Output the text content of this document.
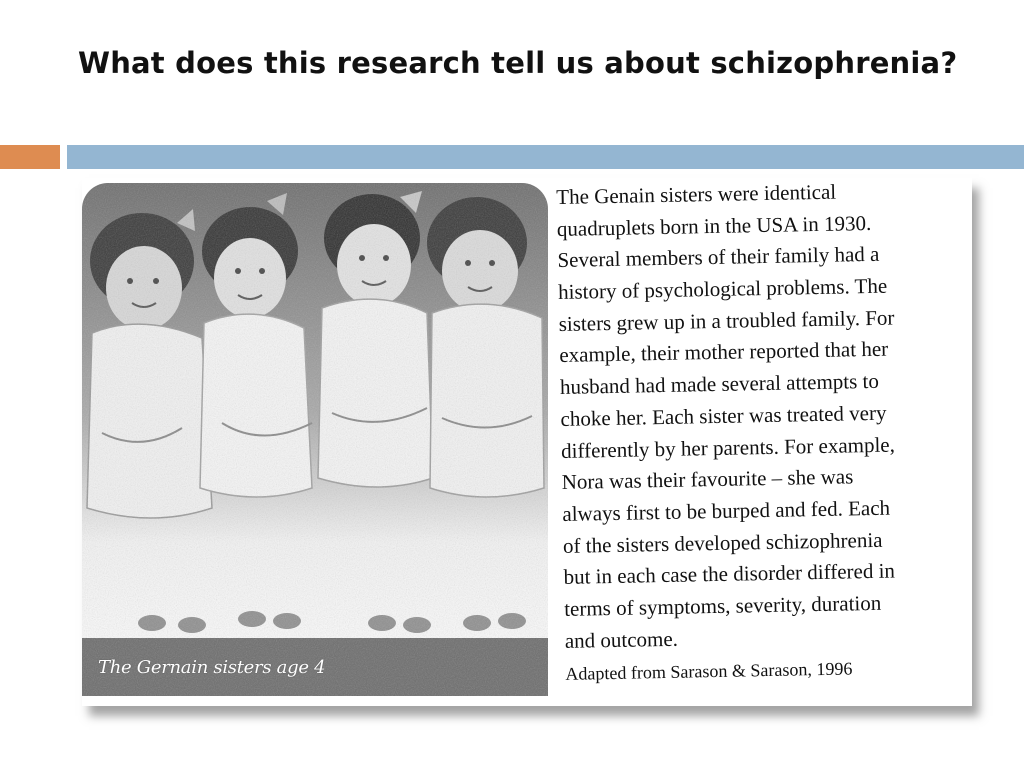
What does this research tell us about schizophrenia?
The Gernain sisters age 4
The Genain sisters were identical
quadruplets born in the USA in 1930.
Several members of their family had a
history of psychological problems. The
sisters grew up in a troubled family. For
example, their mother reported that her
husband had made several attempts to
choke her. Each sister was treated very
differently by her parents. For example,
Nora was their favourite – she was
always first to be burped and fed. Each
of the sisters developed schizophrenia
but in each case the disorder differed in
terms of symptoms, severity, duration
and outcome.
Adapted from Sarason & Sarason, 1996
